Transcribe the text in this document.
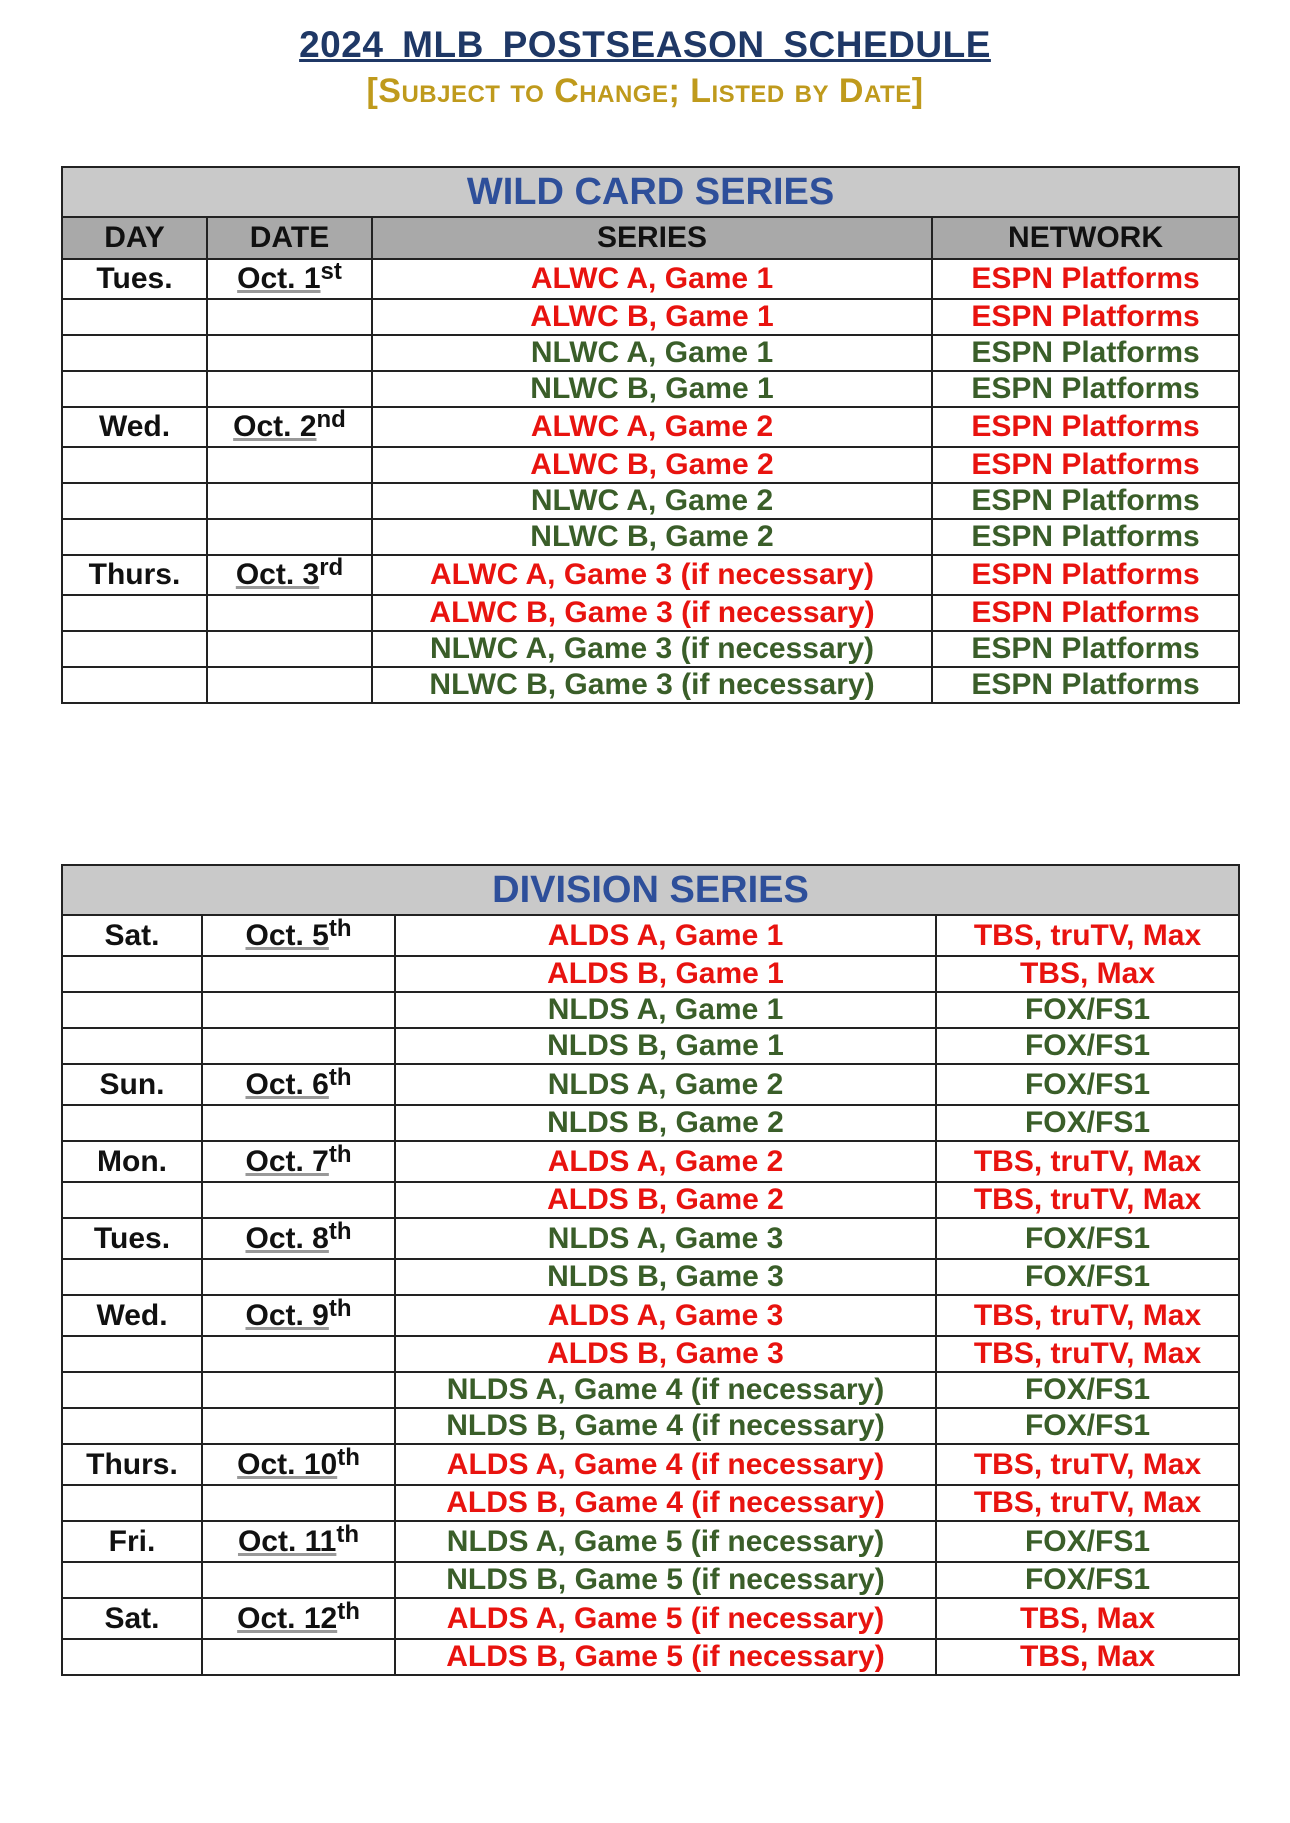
2024 MLB POSTSEASON SCHEDULE
[Subject to Change; Listed by Date]
WILD CARD SERIES			
DAY	DATE	SERIES	NETWORK
Tues.	Oct. 1st	ALWC A, Game 1	ESPN Platforms
		ALWC B, Game 1	ESPN Platforms
		NLWC A, Game 1	ESPN Platforms
		NLWC B, Game 1	ESPN Platforms
Wed.	Oct. 2nd	ALWC A, Game 2	ESPN Platforms
		ALWC B, Game 2	ESPN Platforms
		NLWC A, Game 2	ESPN Platforms
		NLWC B, Game 2	ESPN Platforms
Thurs.	Oct. 3rd	ALWC A, Game 3 (if necessary)	ESPN Platforms
		ALWC B, Game 3 (if necessary)	ESPN Platforms
		NLWC A, Game 3 (if necessary)	ESPN Platforms
		NLWC B, Game 3 (if necessary)	ESPN Platforms
DIVISION SERIES			
Sat.	Oct. 5th	ALDS A, Game 1	TBS, truTV, Max
		ALDS B, Game 1	TBS, Max
		NLDS A, Game 1	FOX/FS1
		NLDS B, Game 1	FOX/FS1
Sun.	Oct. 6th	NLDS A, Game 2	FOX/FS1
		NLDS B, Game 2	FOX/FS1
Mon.	Oct. 7th	ALDS A, Game 2	TBS, truTV, Max
		ALDS B, Game 2	TBS, truTV, Max
Tues.	Oct. 8th	NLDS A, Game 3	FOX/FS1
		NLDS B, Game 3	FOX/FS1
Wed.	Oct. 9th	ALDS A, Game 3	TBS, truTV, Max
		ALDS B, Game 3	TBS, truTV, Max
		NLDS A, Game 4 (if necessary)	FOX/FS1
		NLDS B, Game 4 (if necessary)	FOX/FS1
Thurs.	Oct. 10th	ALDS A, Game 4 (if necessary)	TBS, truTV, Max
		ALDS B, Game 4 (if necessary)	TBS, truTV, Max
Fri.	Oct. 11th	NLDS A, Game 5 (if necessary)	FOX/FS1
		NLDS B, Game 5 (if necessary)	FOX/FS1
Sat.	Oct. 12th	ALDS A, Game 5 (if necessary)	TBS, Max
		ALDS B, Game 5 (if necessary)	TBS, Max
